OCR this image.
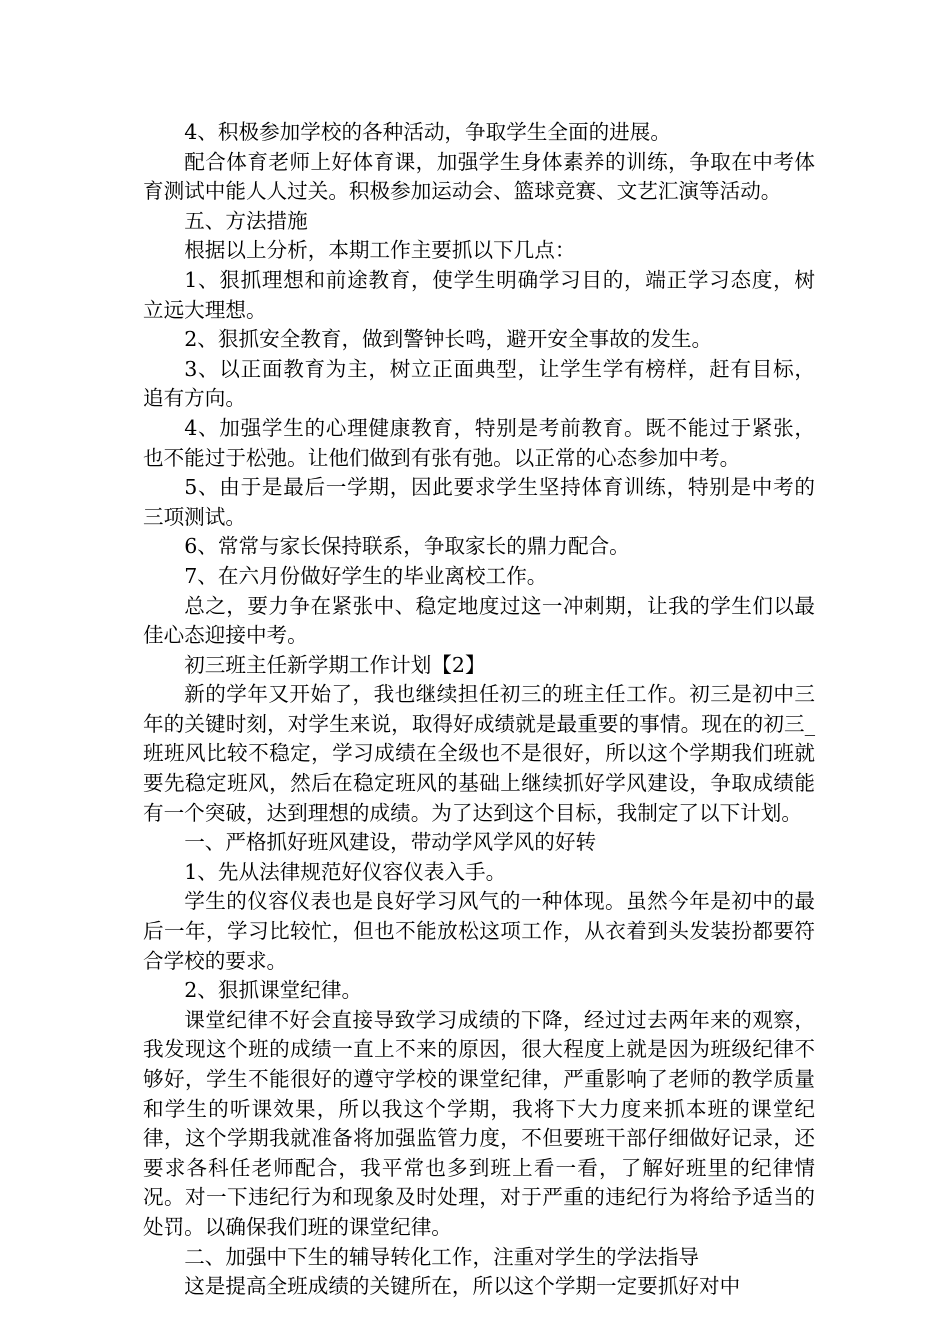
4、积极参加学校的各种活动，争取学生全面的进展。

配合体育老师上好体育课，加强学生身体素养的训练，争取在中考体育测试中能人人过关。积极参加运动会、篮球竞赛、文艺汇演等活动。

五、方法措施

根据以上分析，本期工作主要抓以下几点：

1、狠抓理想和前途教育，使学生明确学习目的，端正学习态度，树立远大理想。

2、狠抓安全教育，做到警钟长鸣，避开安全事故的发生。

3、以正面教育为主，树立正面典型，让学生学有榜样，赶有目标，追有方向。

4、加强学生的心理健康教育，特别是考前教育。既不能过于紧张，也不能过于松弛。让他们做到有张有弛。以正常的心态参加中考。

5、由于是最后一学期，因此要求学生坚持体育训练，特别是中考的三项测试。

6、常常与家长保持联系，争取家长的鼎力配合。

7、在六月份做好学生的毕业离校工作。

总之，要力争在紧张中、稳定地度过这一冲刺期，让我的学生们以最佳心态迎接中考。

初三班主任新学期工作计划【2】

新的学年又开始了，我也继续担任初三的班主任工作。初三是初中三年的关键时刻，对学生来说，取得好成绩就是最重要的事情。现在的初三_班班风比较不稳定，学习成绩在全级也不是很好，所以这个学期我们班就要先稳定班风，然后在稳定班风的基础上继续抓好学风建设，争取成绩能有一个突破，达到理想的成绩。为了达到这个目标，我制定了以下计划。

一、严格抓好班风建设，带动学风学风的好转

1、先从法律规范好仪容仪表入手。

学生的仪容仪表也是良好学习风气的一种体现。虽然今年是初中的最后一年，学习比较忙，但也不能放松这项工作，从衣着到头发装扮都要符合学校的要求。

2、狠抓课堂纪律。

课堂纪律不好会直接导致学习成绩的下降，经过过去两年来的观察，我发现这个班的成绩一直上不来的原因，很大程度上就是因为班级纪律不够好，学生不能很好的遵守学校的课堂纪律，严重影响了老师的教学质量和学生的听课效果，所以我这个学期，我将下大力度来抓本班的课堂纪律，这个学期我就准备将加强监管力度，不但要班干部仔细做好记录，还要求各科任老师配合，我平常也多到班上看一看，了解好班里的纪律情况。对一下违纪行为和现象及时处理，对于严重的违纪行为将给予适当的处罚。以确保我们班的课堂纪律。

二、加强中下生的辅导转化工作，注重对学生的学法指导

这是提高全班成绩的关键所在，所以这个学期一定要抓好对中
